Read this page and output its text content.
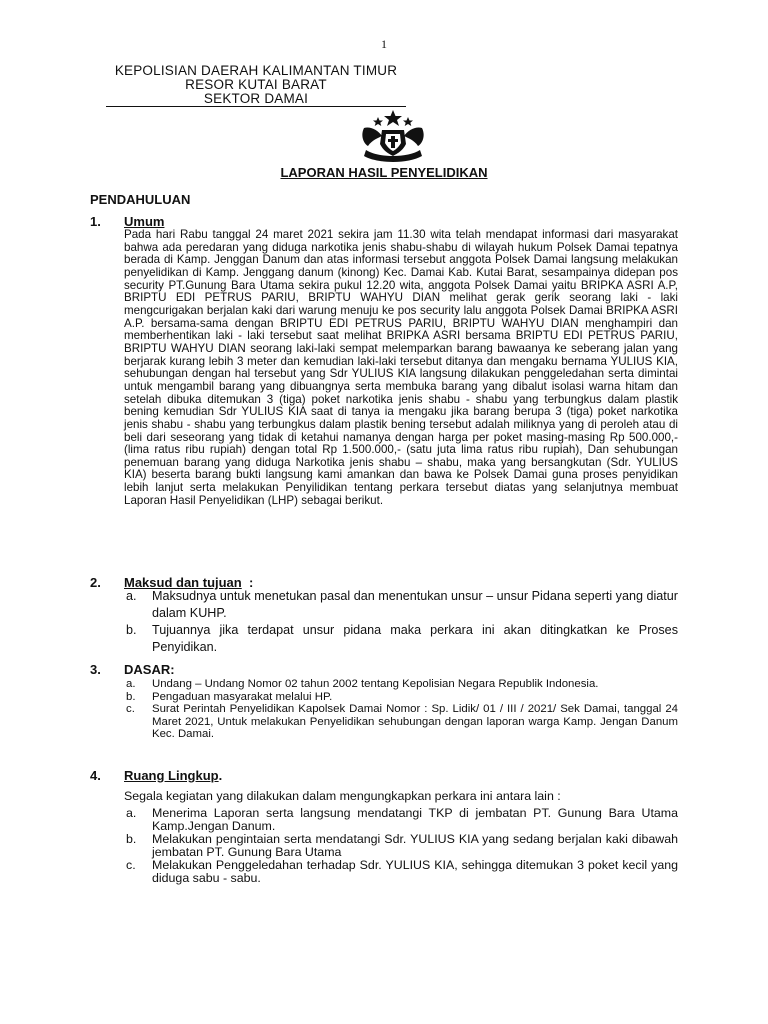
1
KEPOLISIAN DAERAH KALIMANTAN TIMUR
RESOR KUTAI BARAT
SEKTOR DAMAI
LAPORAN HASIL PENYELIDIKAN
PENDAHULUAN
1. Umum
Pada hari Rabu tanggal 24 maret 2021 sekira jam 11.30 wita telah mendapat informasi dari masyarakat bahwa ada peredaran yang diduga narkotika jenis shabu-shabu di wilayah hukum Polsek Damai tepatnya berada di Kamp. Jenggan Danum dan atas informasi tersebut anggota Polsek Damai langsung melakukan penyelidikan di Kamp. Jenggang danum (kinong) Kec. Damai Kab. Kutai Barat, sesampainya didepan pos security PT.Gunung Bara Utama sekira pukul 12.20 wita, anggota Polsek Damai yaitu BRIPKA ASRI A.P, BRIPTU EDI PETRUS PARIU, BRIPTU WAHYU DIAN melihat gerak gerik seorang laki - laki mengcurigakan berjalan kaki dari warung menuju ke pos security lalu anggota Polsek Damai BRIPKA ASRI A.P. bersama-sama dengan BRIPTU EDI PETRUS PARIU, BRIPTU WAHYU DIAN menghampiri dan memberhentikan laki - laki tersebut saat melihat BRIPKA ASRI bersama BRIPTU EDI PETRUS PARIU, BRIPTU WAHYU DIAN seorang laki-laki sempat melemparkan barang bawaanya ke seberang jalan yang berjarak kurang lebih 3 meter dan kemudian laki-laki tersebut ditanya dan mengaku bernama YULIUS KIA, sehubungan dengan hal tersebut yang Sdr YULIUS KIA langsung dilakukan penggeledahan serta dimintai untuk mengambil barang yang dibuangnya serta membuka barang yang dibalut isolasi warna hitam dan setelah dibuka ditemukan 3 (tiga) poket narkotika jenis shabu - shabu yang terbungkus dalam plastik bening kemudian Sdr YULIUS KIA saat di tanya ia mengaku jika barang berupa 3 (tiga) poket narkotika jenis shabu - shabu yang terbungkus dalam plastik bening tersebut adalah miliknya yang di peroleh atau di beli dari seseorang yang tidak di ketahui namanya dengan harga per poket masing-masing Rp 500.000,- (lima ratus ribu rupiah) dengan total Rp 1.500.000,- (satu juta lima ratus ribu rupiah), Dan sehubungan penemuan barang yang diduga Narkotika jenis shabu – shabu, maka yang bersangkutan (Sdr. YULIUS KIA) beserta barang bukti langsung kami amankan dan bawa ke Polsek Damai guna proses penyidikan lebih lanjut serta melakukan Penyilidikan tentang perkara tersebut diatas yang selanjutnya membuat Laporan Hasil Penyelidikan (LHP) sebagai berikut.
2. Maksud dan tujuan :
a. Maksudnya untuk menetukan pasal dan menentukan unsur – unsur Pidana seperti yang diatur dalam KUHP.
b. Tujuannya jika terdapat unsur pidana maka perkara ini akan ditingkatkan ke Proses Penyidikan.
3. DASAR:
a. Undang – Undang Nomor 02 tahun 2002 tentang Kepolisian Negara Republik Indonesia.
b. Pengaduan masyarakat melalui HP.
c. Surat Perintah Penyelidikan Kapolsek Damai Nomor : Sp. Lidik/ 01 / III / 2021/ Sek Damai, tanggal 24 Maret 2021, Untuk melakukan Penyelidikan sehubungan dengan laporan warga Kamp. Jengan Danum Kec. Damai.
4. Ruang Lingkup.
Segala kegiatan yang dilakukan dalam mengungkapkan perkara ini antara lain :
a. Menerima Laporan serta langsung mendatangi TKP di jembatan PT. Gunung Bara Utama Kamp.Jengan Danum.
b. Melakukan pengintaian serta mendatangi Sdr. YULIUS KIA yang sedang berjalan kaki dibawah jembatan PT. Gunung Bara Utama
c. Melakukan Penggeledahan terhadap Sdr. YULIUS KIA, sehingga ditemukan 3 poket kecil yang diduga sabu - sabu.
